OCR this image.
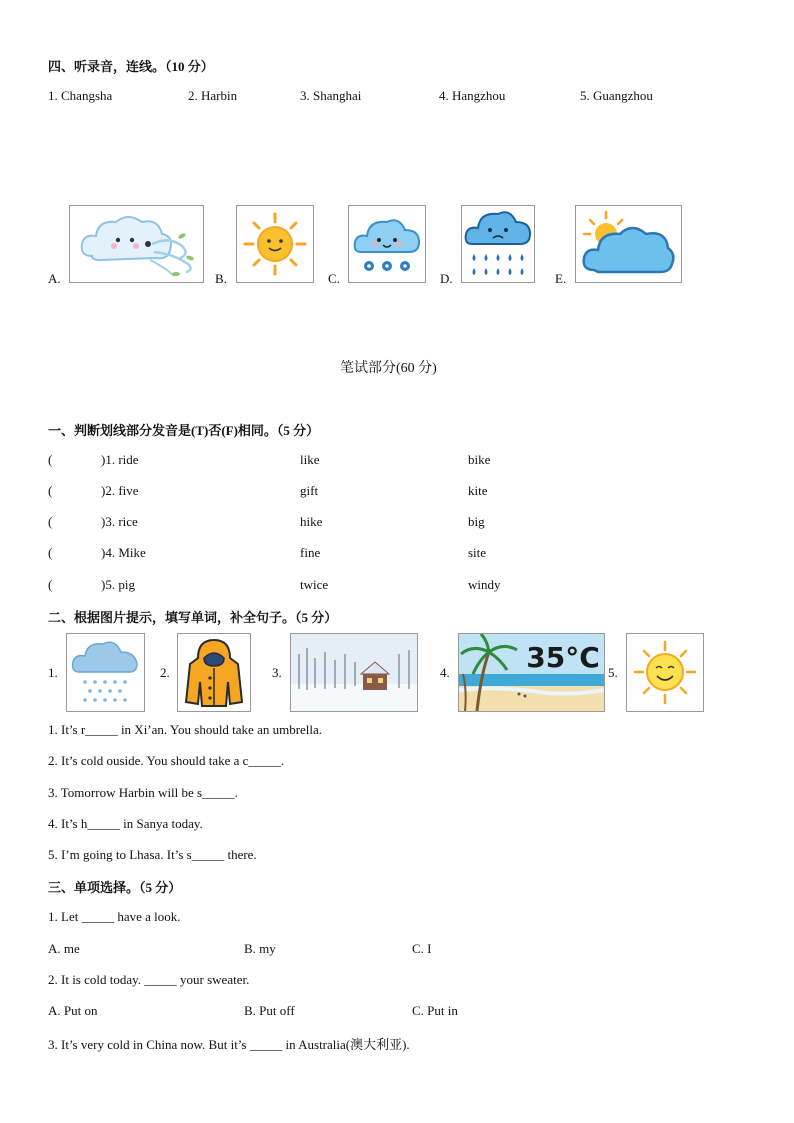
四、听录音，连线。（10 分）
1. Changsha	2. Harbin	3. Shanghai	4. Hangzhou	5. Guangzhou
A.	B.	C.	D.	E.
笔试部分(60 分)
一、判断划线部分发音是(T)否(F)相同。（5 分）
(	)1. ride	like	bike
(	)2. five	gift	kite
(	)3. rice	hike	big
(	)4. Mike	fine	site
(	)5. pig	twice	windy
二、根据图片提示，填写单词，补全句子。（5 分）
1.	2.	3.	4.	5.
35°C
1. It’s r_____ in Xi’an. You should take an umbrella.
2. It’s cold ouside. You should take a c_____.
3. Tomorrow Harbin will be s_____.
4. It’s h_____ in Sanya today.
5. I’m going to Lhasa. It’s s_____ there.
三、单项选择。（5 分）
1. Let _____ have a look.
A. me	B. my	C. I
2. It is cold today. _____ your sweater.
A. Put on	B. Put off	C. Put in
3. It’s very cold in China now. But it’s _____ in Australia(澳大利亚).
